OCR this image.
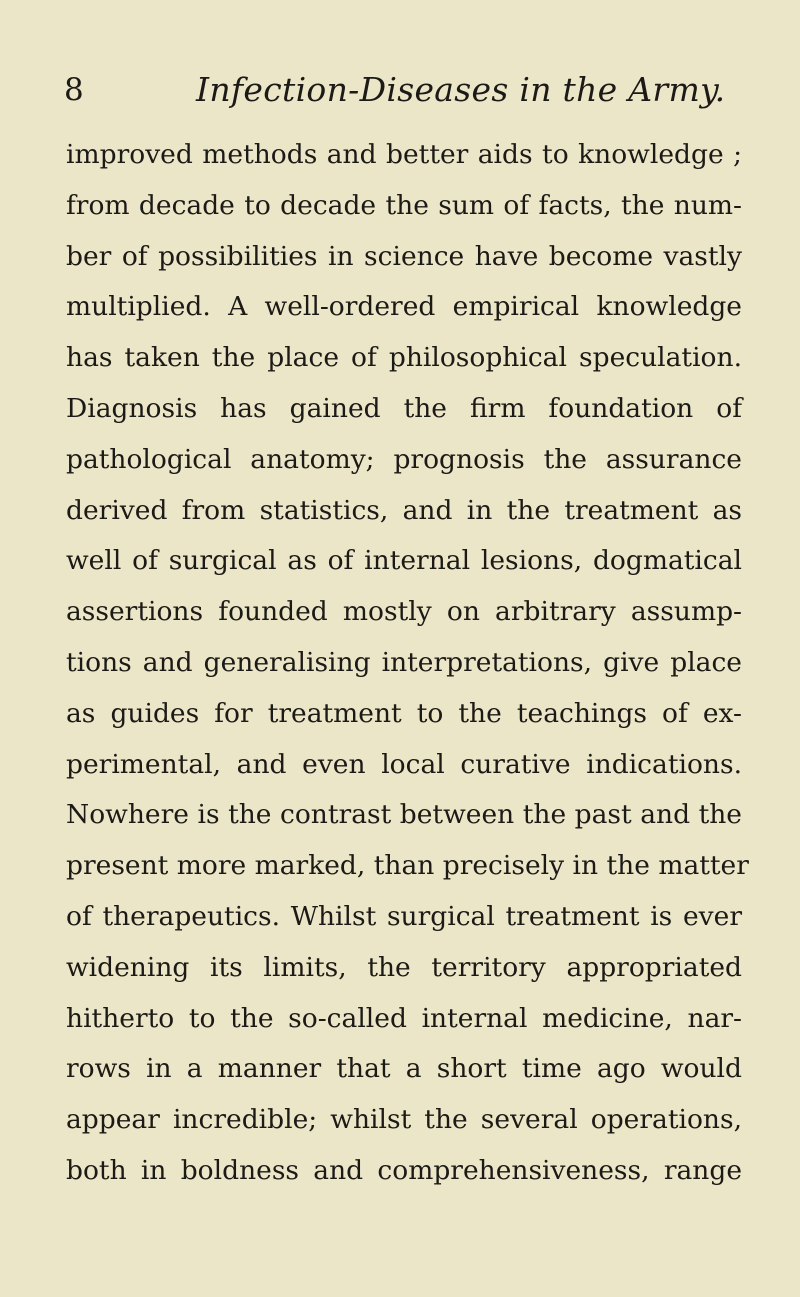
8	Infection-Diseases in the Army.
improved methods and better aids to knowledge ;
from decade to decade the sum of facts, the num-
ber of possibilities in science have become vastly
multiplied. A well-ordered empirical knowledge
has taken the place of philosophical speculation.
Diagnosis has gained the firm foundation of
pathological anatomy; prognosis the assurance
derived from statistics, and in the treatment as
well of surgical as of internal lesions, dogmatical
assertions founded mostly on arbitrary assump-
tions and generalising interpretations, give place
as guides for treatment to the teachings of ex-
perimental, and even local curative indications.
Nowhere is the contrast between the past and the
present more marked, than precisely in the matter
of therapeutics. Whilst surgical treatment is ever
widening its limits, the territory appropriated
hitherto to the so-called internal medicine, nar-
rows in a manner that a short time ago would
appear incredible; whilst the several operations,
both in boldness and comprehensiveness, range
